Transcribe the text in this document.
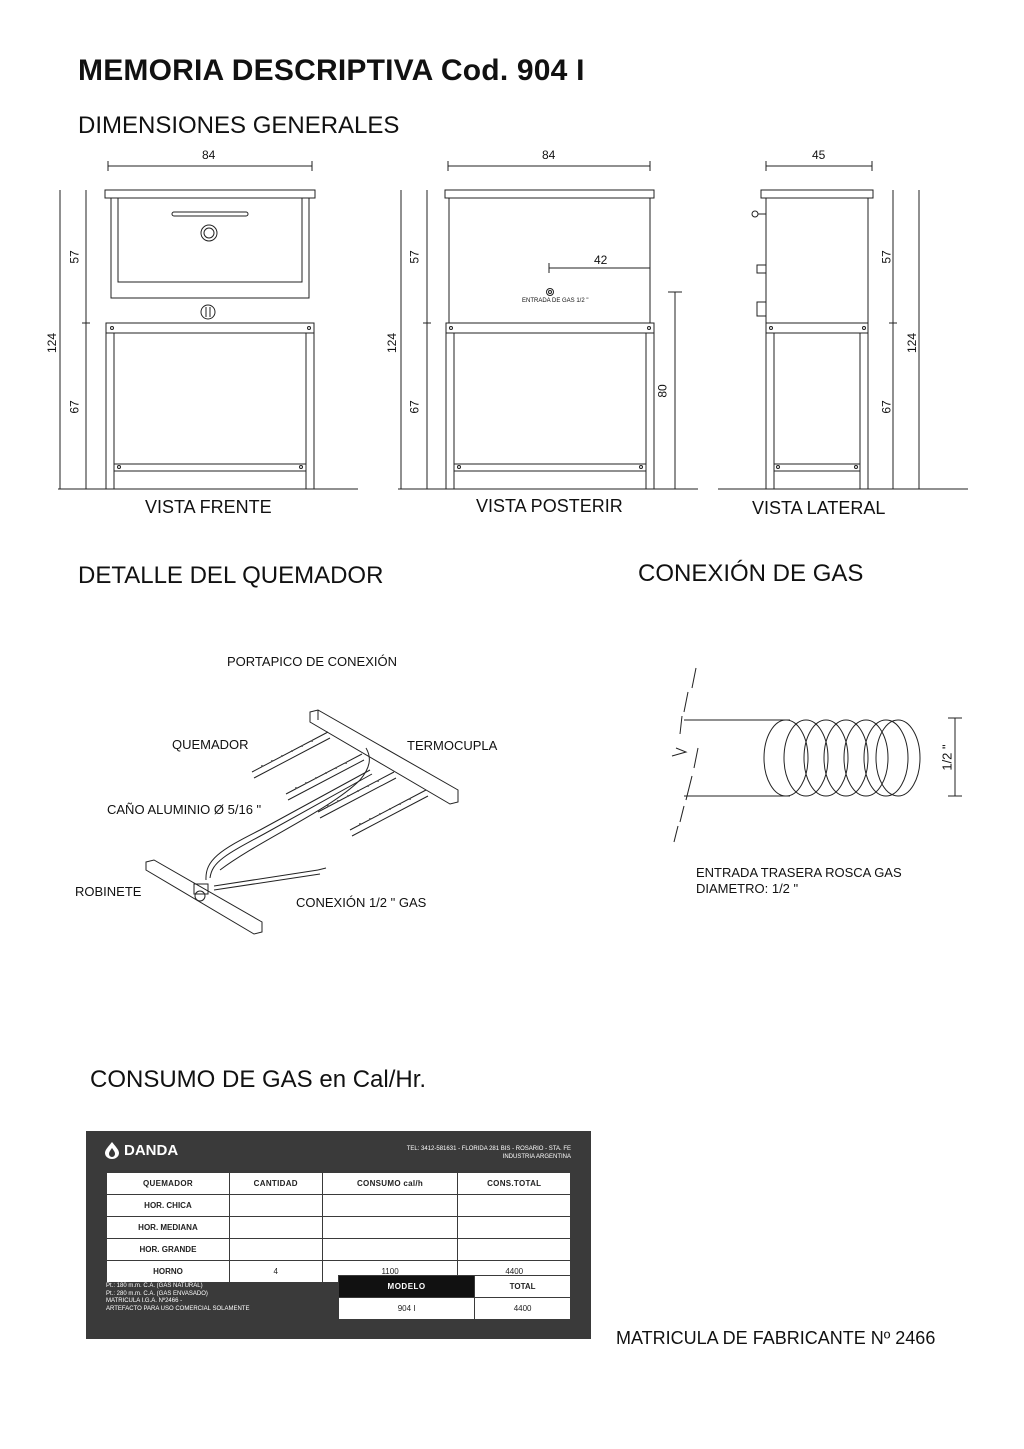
MEMORIA DESCRIPTIVA Cod. 904 I
DIMENSIONES GENERALES
DETALLE DEL QUEMADOR	CONEXIÓN DE GAS
CONSUMO DE GAS en Cal/Hr.
84
124
57
67
VISTA FRENTE
84
124
57
67
42
80
ENTRADA DE GAS 1/2 "
VISTA POSTERIR
45
124
57
67
VISTA LATERAL
PORTAPICO DE CONEXIÓN
QUEMADOR	TERMOCUPLA
CAÑO ALUMINIO Ø 5/16 "
ROBINETE
CONEXIÓN 1/2 " GAS
1/2 "
ENTRADA TRASERA ROSCA GAS
DIAMETRO: 1/2 "
DANDA	TEL: 3412-581631 - FLORIDA 281 BIS - ROSARIO - STA. FE
INDUSTRIA ARGENTINA
QUEMADOR	CANTIDAD	CONSUMO cal/h	CONS.TOTAL
HOR. CHICA			
HOR. MEDIANA			
HOR. GRANDE			
HORNO	4	1100	4400
Pt.: 180 m.m. C.A. (GAS NATURAL)
Pt.: 280 m.m. C.A. (GAS ENVASADO)
MATRICULA I.G.A. Nº2466 -
ARTEFACTO PARA USO COMERCIAL SOLAMENTE
MODELO	TOTAL
904 I	4400
MATRICULA DE FABRICANTE Nº 2466
